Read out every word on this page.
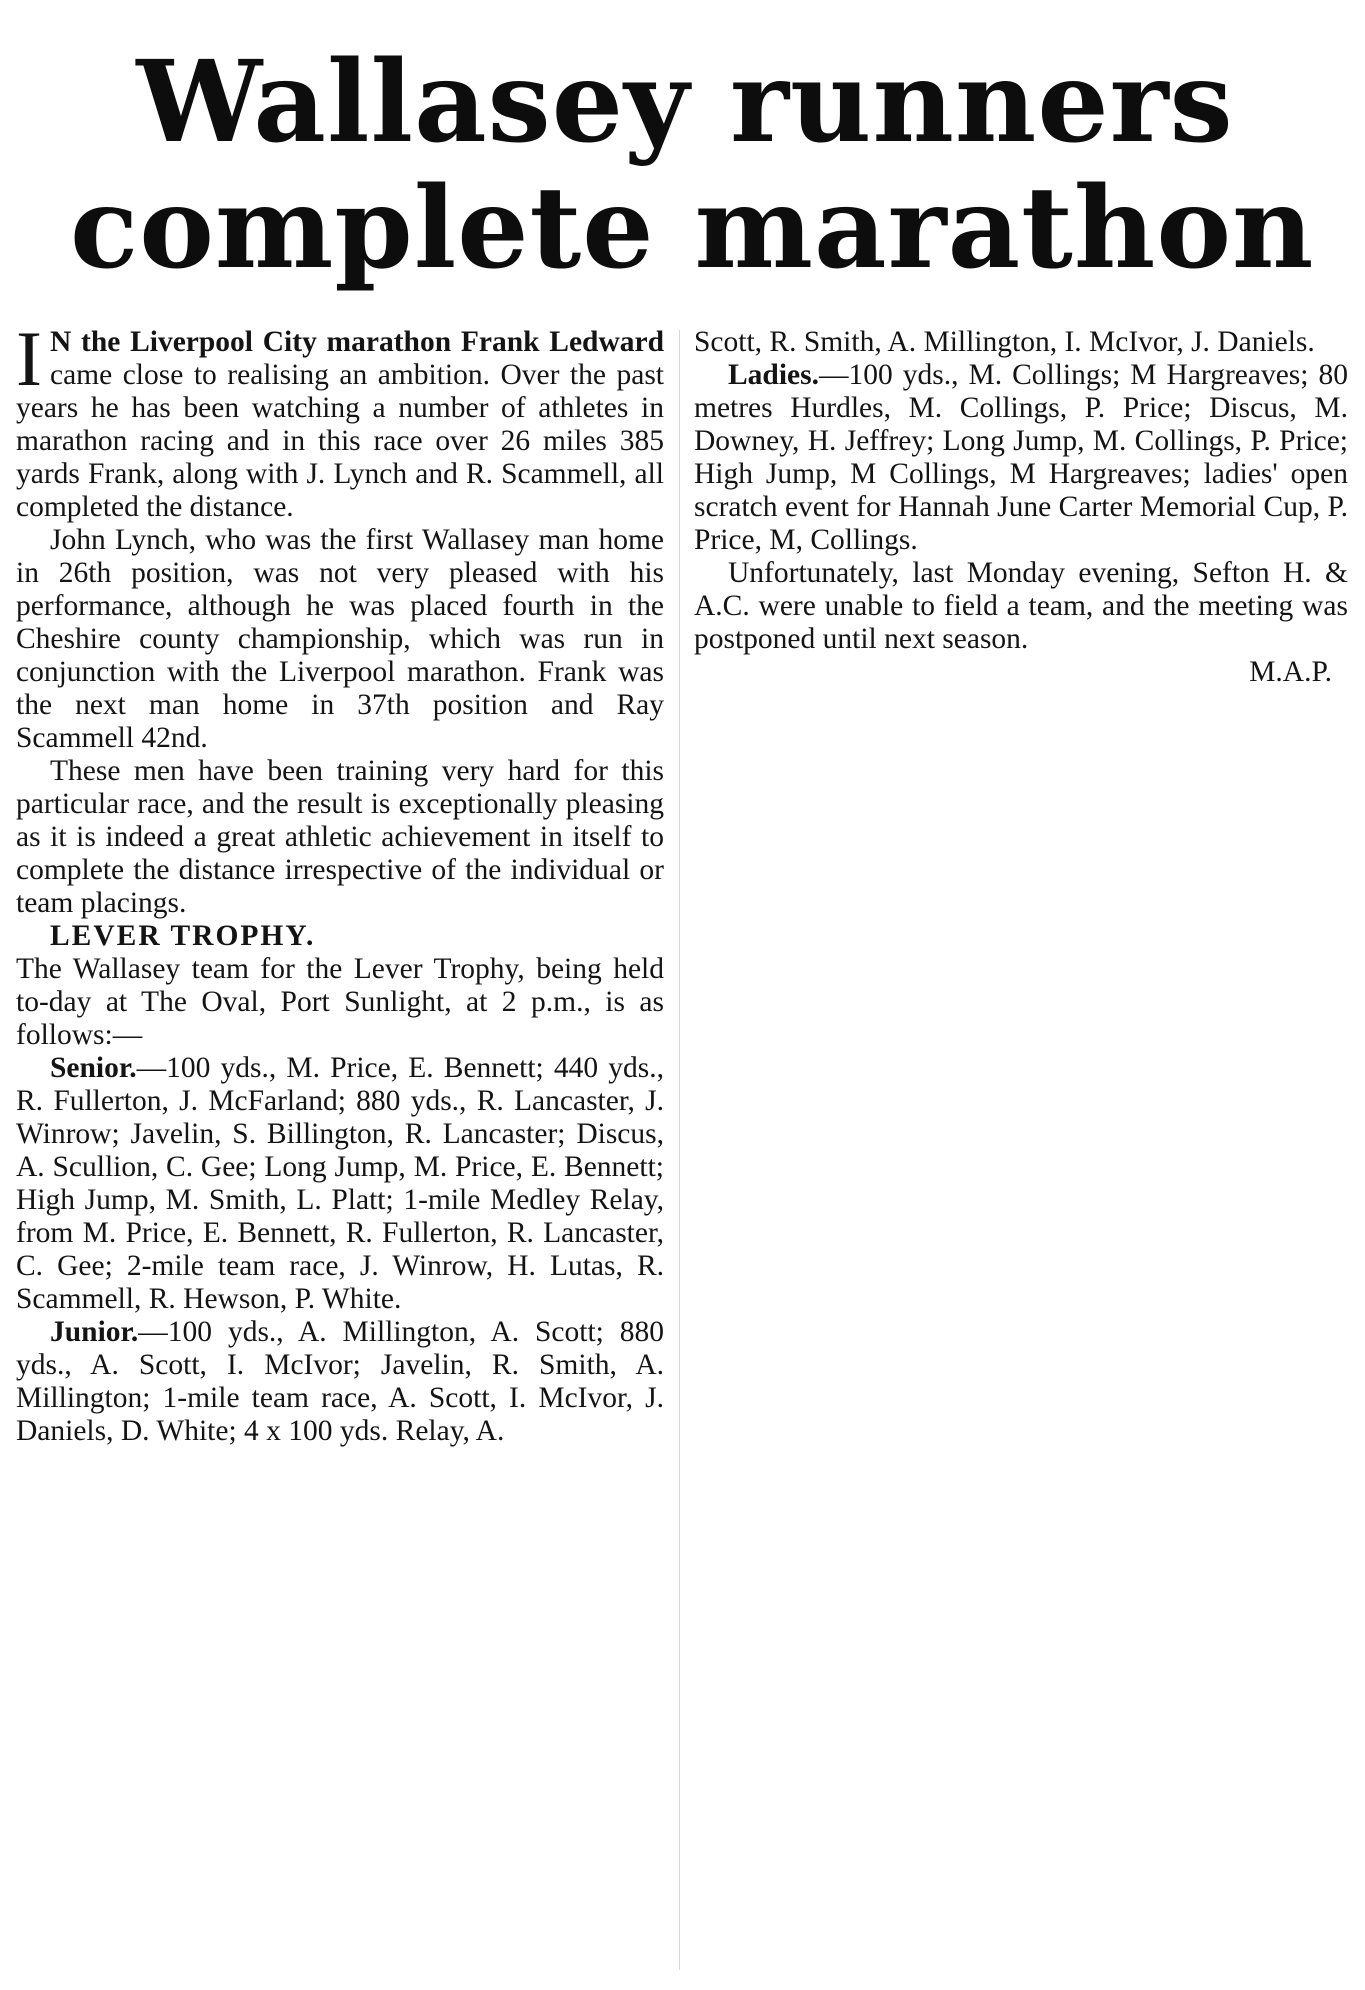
Wallasey runners
complete marathon

I N the Liverpool City marathon Frank Ledward came close to realising an ambition. Over the past years he has been watching a number of athletes in marathon racing and in this race over 26 miles 385 yards Frank, along with J. Lynch and R. Scammell, all completed the distance.

John Lynch, who was the first Wallasey man home in 26th position, was not very pleased with his performance, although he was placed fourth in the Cheshire county championship, which was run in conjunction with the Liverpool marathon. Frank was the next man home in 37th position and Ray Scammell 42nd.

These men have been training very hard for this particular race, and the result is exceptionally pleasing as it is indeed a great athletic achievement in itself to complete the distance irrespective of the individual or team placings.

LEVER TROPHY.

The Wallasey team for the Lever Trophy, being held to-day at The Oval, Port Sunlight, at 2 p.m., is as follows:—

Senior.—100 yds., M. Price, E. Bennett; 440 yds., R. Fullerton, J. McFarland; 880 yds., R. Lancaster, J. Winrow; Javelin, S. Billington, R. Lancaster; Discus, A. Scullion, C. Gee; Long Jump, M. Price, E. Bennett; High Jump, M. Smith, L. Platt; 1-mile Medley Relay, from M. Price, E. Bennett, R. Fullerton, R. Lancaster, C. Gee; 2-mile team race, J. Winrow, H. Lutas, R. Scammell, R. Hewson, P. White.

Junior.—100 yds., A. Millington, A. Scott; 880 yds., A. Scott, I. McIvor; Javelin, R. Smith, A. Millington; 1-mile team race, A. Scott, I. McIvor, J. Daniels, D. White; 4 x 100 yds. Relay, A.

Scott, R. Smith, A. Millington, I. McIvor, J. Daniels.

Ladies.—100 yds., M. Collings; M Hargreaves; 80 metres Hurdles, M. Collings, P. Price; Discus, M. Downey, H. Jeffrey; Long Jump, M. Collings, P. Price; High Jump, M Collings, M Hargreaves; ladies' open scratch event for Hannah June Carter Memorial Cup, P. Price, M, Collings.

Unfortunately, last Monday evening, Sefton H. & A.C. were unable to field a team, and the meeting was postponed until next season.

M.A.P.
